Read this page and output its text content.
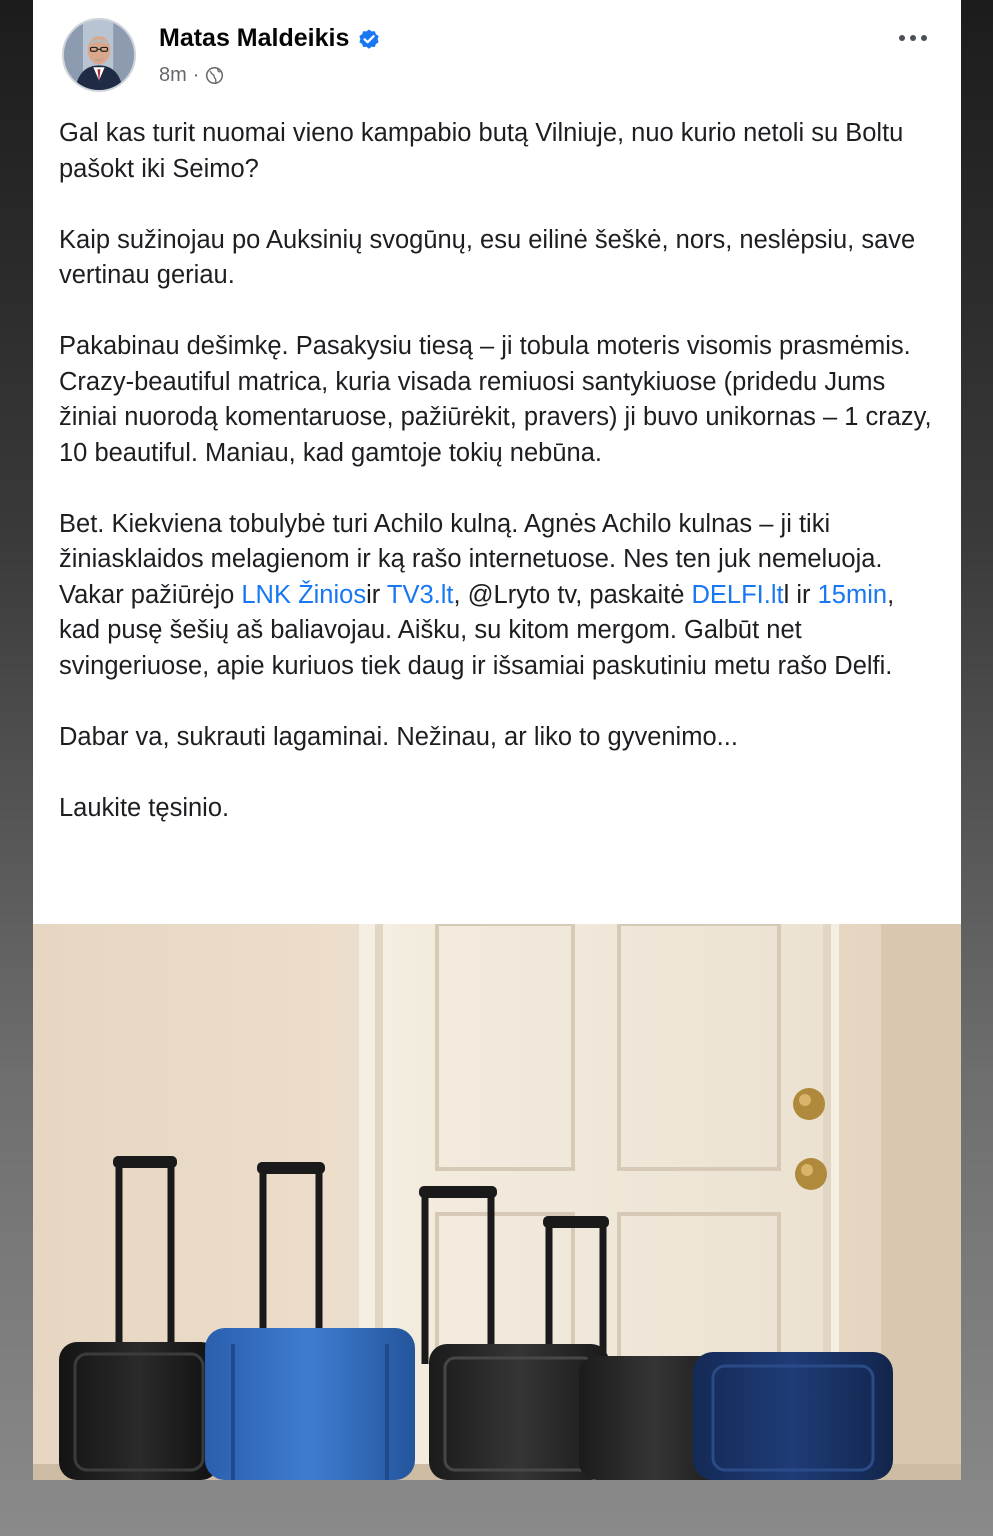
Matas Maldeikis
8m ·

Gal kas turit nuomai vieno kampabio butą Vilniuje, nuo kurio netoli su Boltu pašokt iki Seimo?

Kaip sužinojau po Auksinių svogūnų, esu eilinė šeškė, nors, neslėpsiu, save vertinau geriau.

Pakabinau dešimkę. Pasakysiu tiesą – ji tobula moteris visomis prasmėmis. Crazy-beautiful matrica, kuria visada remiuosi santykiuose (pridedu Jums žiniai nuorodą komentaruose, pažiūrėkit, pravers) ji buvo unikornas – 1 crazy, 10 beautiful. Maniau, kad gamtoje tokių nebūna.

Bet. Kiekviena tobulybė turi Achilo kulną. Agnės Achilo kulnas – ji tiki žiniasklaidos melagienom ir ką rašo internetuose. Nes ten juk nemeluoja. Vakar pažiūrėjo LNK Žiniosir TV3.lt, @Lryto tv, paskaitė DELFI.ltl ir 15min, kad pusę šešių aš baliavojau. Aišku, su kitom mergom. Galbūt net svingeriuose, apie kuriuos tiek daug ir išsamiai paskutiniu metu rašo Delfi.

Dabar va, sukrauti lagaminai. Nežinau, ar liko to gyvenimo...

Laukite tęsinio.
